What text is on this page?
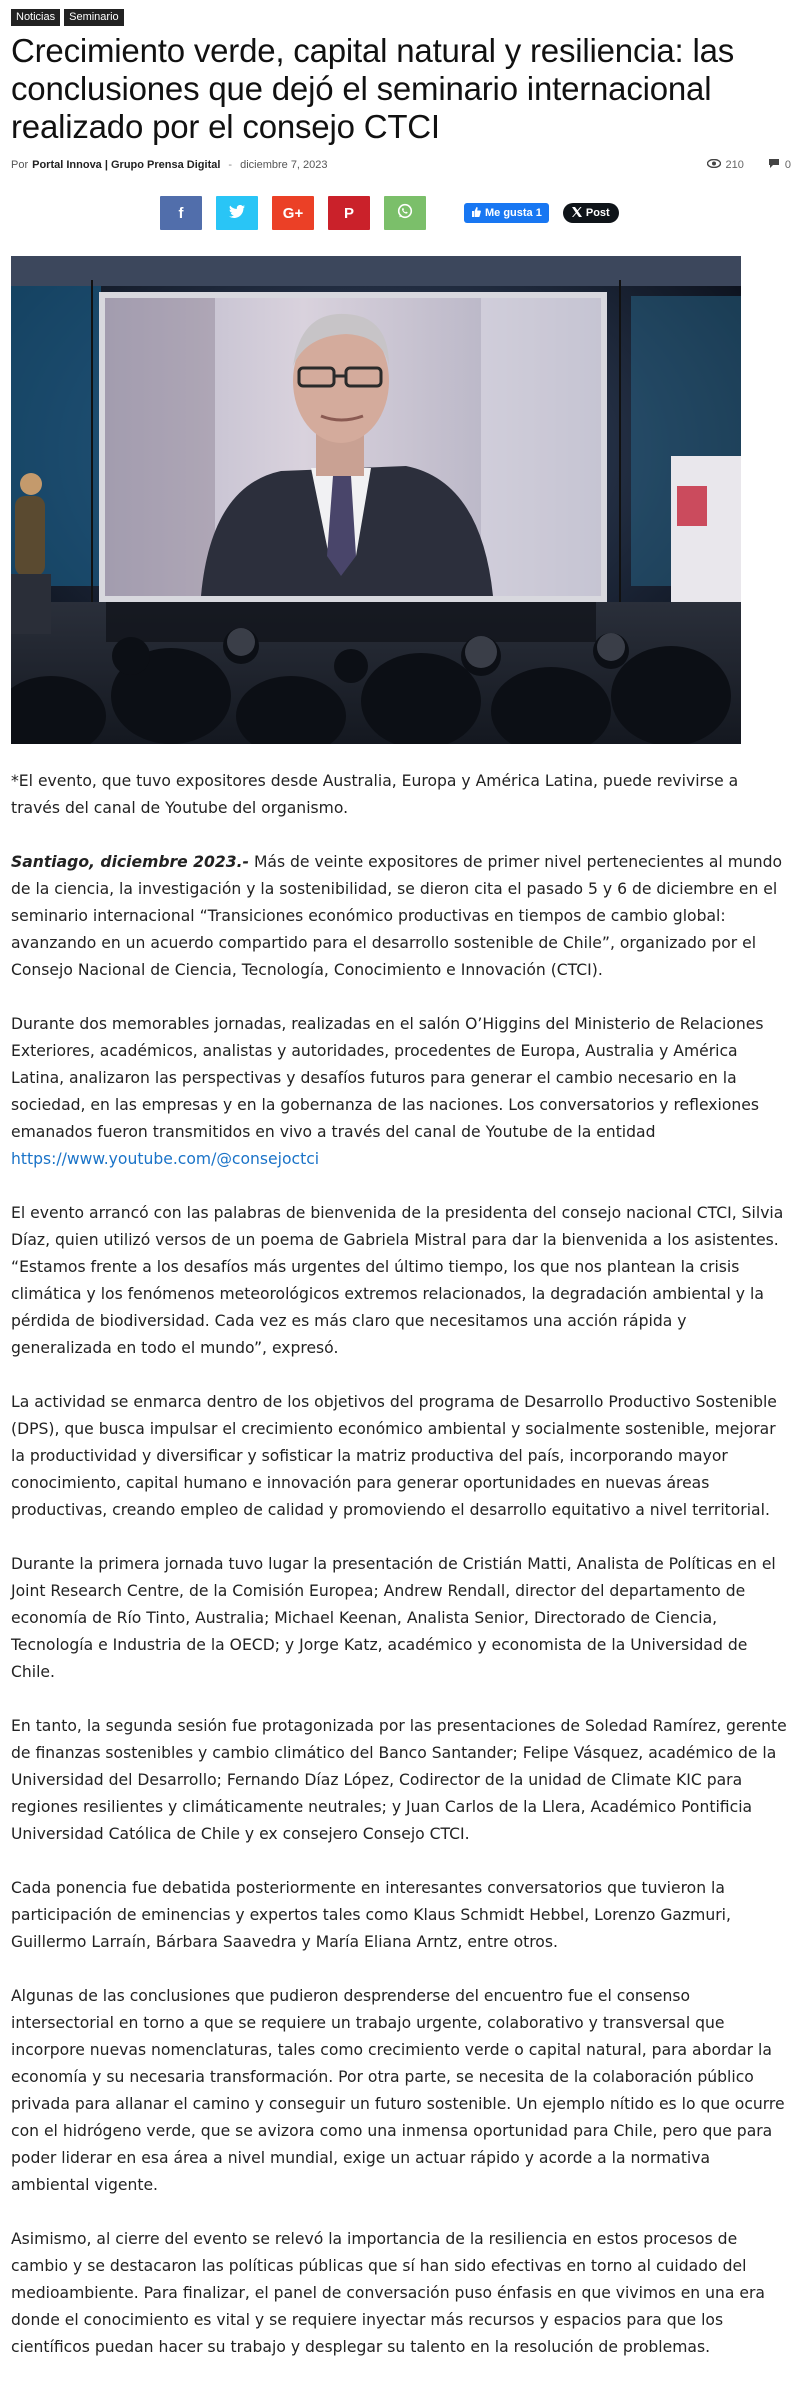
Noticias	Seminario
Crecimiento verde, capital natural y resiliencia: las conclusiones que dejó el seminario internacional realizado por el consejo CTCI
Por Portal Innova | Grupo Prensa Digital - diciembre 7, 2023	210	0
f	G+	P	Me gusta 1	Post

*El evento, que tuvo expositores desde Australia, Europa y América Latina, puede revivirse a través del canal de Youtube del organismo.

Santiago, diciembre 2023.- Más de veinte expositores de primer nivel pertenecientes al mundo de la ciencia, la investigación y la sostenibilidad, se dieron cita el pasado 5 y 6 de diciembre en el seminario internacional “Transiciones económico productivas en tiempos de cambio global: avanzando en un acuerdo compartido para el desarrollo sostenible de Chile”, organizado por el Consejo Nacional de Ciencia, Tecnología, Conocimiento e Innovación (CTCI).

Durante dos memorables jornadas, realizadas en el salón O’Higgins del Ministerio de Relaciones Exteriores, académicos, analistas y autoridades, procedentes de Europa, Australia y América Latina, analizaron las perspectivas y desafíos futuros para generar el cambio necesario en la sociedad, en las empresas y en la gobernanza de las naciones. Los conversatorios y reflexiones emanados fueron transmitidos en vivo a través del canal de Youtube de la entidad https://www.youtube.com/@consejoctci

El evento arrancó con las palabras de bienvenida de la presidenta del consejo nacional CTCI, Silvia Díaz, quien utilizó versos de un poema de Gabriela Mistral para dar la bienvenida a los asistentes. “Estamos frente a los desafíos más urgentes del último tiempo, los que nos plantean la crisis climática y los fenómenos meteorológicos extremos relacionados, la degradación ambiental y la pérdida de biodiversidad. Cada vez es más claro que necesitamos una acción rápida y generalizada en todo el mundo”, expresó.

La actividad se enmarca dentro de los objetivos del programa de Desarrollo Productivo Sostenible (DPS), que busca impulsar el crecimiento económico ambiental y socialmente sostenible, mejorar la productividad y diversificar y sofisticar la matriz productiva del país, incorporando mayor conocimiento, capital humano e innovación para generar oportunidades en nuevas áreas productivas, creando empleo de calidad y promoviendo el desarrollo equitativo a nivel territorial.

Durante la primera jornada tuvo lugar la presentación de Cristián Matti, Analista de Políticas en el Joint Research Centre, de la Comisión Europea; Andrew Rendall, director del departamento de economía de Río Tinto, Australia; Michael Keenan, Analista Senior, Directorado de Ciencia, Tecnología e Industria de la OECD; y Jorge Katz, académico y economista de la Universidad de Chile.

En tanto, la segunda sesión fue protagonizada por las presentaciones de Soledad Ramírez, gerente de finanzas sostenibles y cambio climático del Banco Santander; Felipe Vásquez, académico de la Universidad del Desarrollo; Fernando Díaz López, Codirector de la unidad de Climate KIC para regiones resilientes y climáticamente neutrales; y Juan Carlos de la Llera, Académico Pontificia Universidad Católica de Chile y ex consejero Consejo CTCI.

Cada ponencia fue debatida posteriormente en interesantes conversatorios que tuvieron la participación de eminencias y expertos tales como Klaus Schmidt Hebbel, Lorenzo Gazmuri, Guillermo Larraín, Bárbara Saavedra y María Eliana Arntz, entre otros.

Algunas de las conclusiones que pudieron desprenderse del encuentro fue el consenso intersectorial en torno a que se requiere un trabajo urgente, colaborativo y transversal que incorpore nuevas nomenclaturas, tales como crecimiento verde o capital natural, para abordar la economía y su necesaria transformación. Por otra parte, se necesita de la colaboración público privada para allanar el camino y conseguir un futuro sostenible. Un ejemplo nítido es lo que ocurre con el hidrógeno verde, que se avizora como una inmensa oportunidad para Chile, pero que para poder liderar en esa área a nivel mundial, exige un actuar rápido y acorde a la normativa ambiental vigente.

Asimismo, al cierre del evento se relevó la importancia de la resiliencia en estos procesos de cambio y se destacaron las políticas públicas que sí han sido efectivas en torno al cuidado del medioambiente. Para finalizar, el panel de conversación puso énfasis en que vivimos en una era donde el conocimiento es vital y se requiere inyectar más recursos y espacios para que los científicos puedan hacer su trabajo y desplegar su talento en la resolución de problemas.
